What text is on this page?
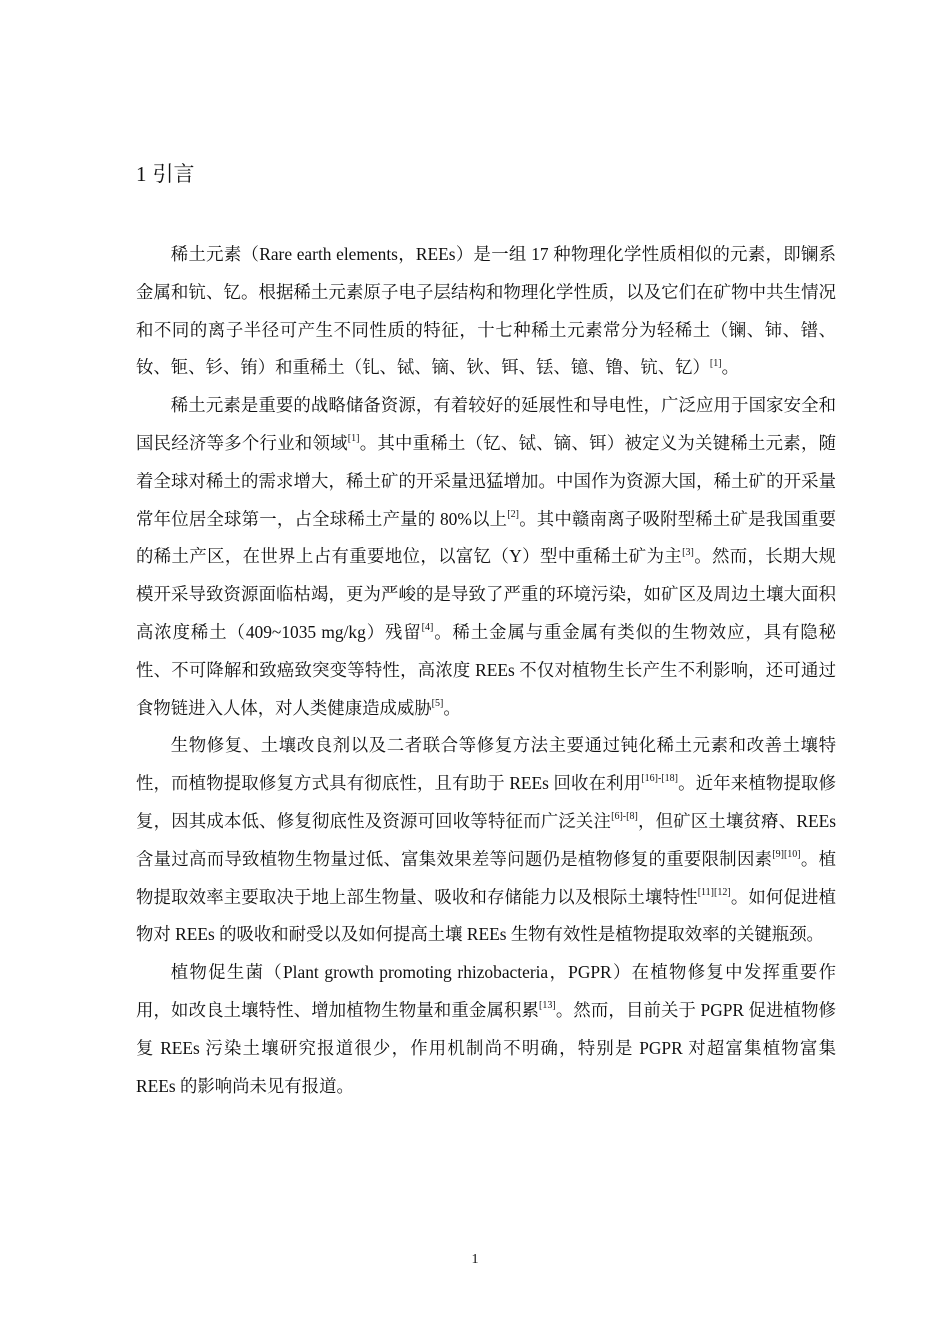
1 引言

稀土元素（Rare earth elements，REEs）是一组 17 种物理化学性质相似的元素，即镧系金属和钪、钇。根据稀土元素原子电子层结构和物理化学性质，以及它们在矿物中共生情况和不同的离子半径可产生不同性质的特征，十七种稀土元素常分为轻稀土（镧、铈、镨、钕、钷、钐、铕）和重稀土（钆、铽、镝、钬、铒、铥、镱、镥、钪、钇）[1]。

稀土元素是重要的战略储备资源，有着较好的延展性和导电性，广泛应用于国家安全和国民经济等多个行业和领域[1]。其中重稀土（钇、铽、镝、铒）被定义为关键稀土元素，随着全球对稀土的需求增大，稀土矿的开采量迅猛增加。中国作为资源大国，稀土矿的开采量常年位居全球第一，占全球稀土产量的 80%以上[2]。其中赣南离子吸附型稀土矿是我国重要的稀土产区，在世界上占有重要地位，以富钇（Y）型中重稀土矿为主[3]。然而，长期大规模开采导致资源面临枯竭，更为严峻的是导致了严重的环境污染，如矿区及周边土壤大面积高浓度稀土（409~1035 mg/kg）残留[4]。稀土金属与重金属有类似的生物效应，具有隐秘性、不可降解和致癌致突变等特性，高浓度 REEs 不仅对植物生长产生不利影响，还可通过食物链进入人体，对人类健康造成威胁[5]。

生物修复、土壤改良剂以及二者联合等修复方法主要通过钝化稀土元素和改善土壤特性，而植物提取修复方式具有彻底性，且有助于 REEs 回收在利用[16]-[18]。近年来植物提取修复，因其成本低、修复彻底性及资源可回收等特征而广泛关注[6]-[8]，但矿区土壤贫瘠、REEs 含量过高而导致植物生物量过低、富集效果差等问题仍是植物修复的重要限制因素[9][10]。植物提取效率主要取决于地上部生物量、吸收和存储能力以及根际土壤特性[11][12]。如何促进植物对 REEs 的吸收和耐受以及如何提高土壤 REEs 生物有效性是植物提取效率的关键瓶颈。

植物促生菌（Plant growth promoting rhizobacteria，PGPR）在植物修复中发挥重要作用，如改良土壤特性、增加植物生物量和重金属积累[13]。然而，目前关于 PGPR 促进植物修复 REEs 污染土壤研究报道很少，作用机制尚不明确，特别是 PGPR 对超富集植物富集 REEs 的影响尚未见有报道。

1
